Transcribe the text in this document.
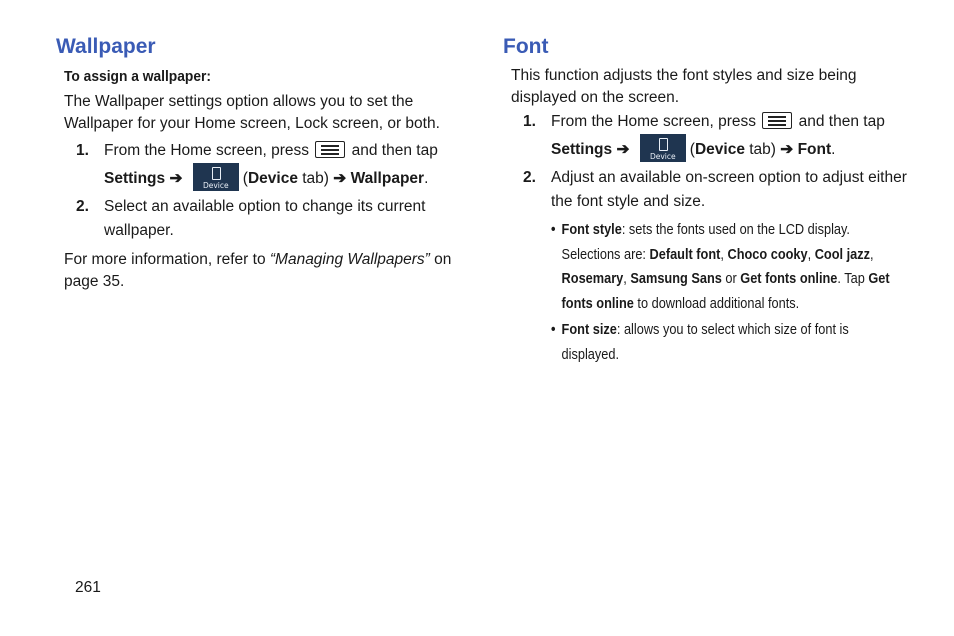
Wallpaper
To assign a wallpaper:

The Wallpaper settings option allows you to set the Wallpaper for your Home screen, Lock screen, or both.

1. From the Home screen, press	and then tap
Settings ➔	Device (Device tab) ➔ Wallpaper.
2. Select an available option to change its current wallpaper.

For more information, refer to “Managing Wallpapers” on page 35.

Font

This function adjusts the font styles and size being displayed on the screen.

1. From the Home screen, press	and then tap
Settings ➔	Device (Device tab) ➔ Font.
2. Adjust an available on-screen option to adjust either the font style and size.
• Font style: sets the fonts used on the LCD display. Selections are: Default font, Choco cooky, Cool jazz, Rosemary, Samsung Sans or Get fonts online. Tap Get fonts online to download additional fonts.
• Font size: allows you to select which size of font is displayed.
261
